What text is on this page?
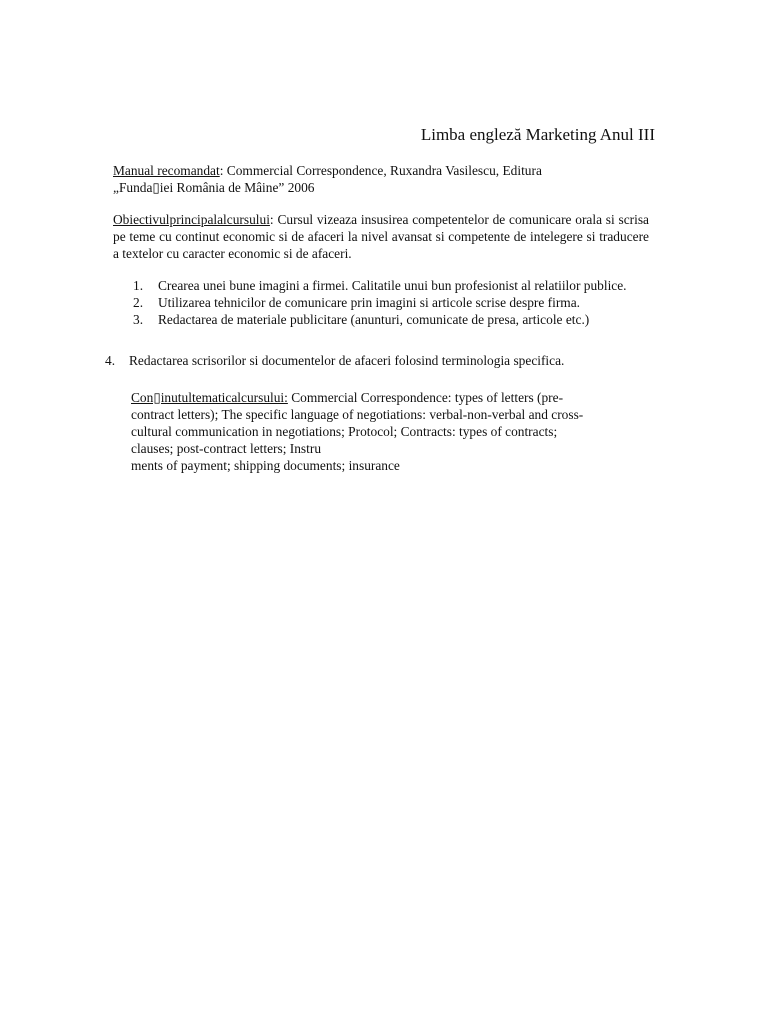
Limba engleză Marketing Anul III
Manual recomandat: Commercial Correspondence, Ruxandra Vasilescu, Editura
„Funda▯iei România de Mâine” 2006
Obiectivulprincipalalcursului: Cursul vizeaza insusirea competentelor de comunicare orala si scrisa pe teme cu continut economic si de afaceri la nivel avansat si competente de intelegere si traducere a textelor cu caracter economic si de afaceri.
1. Crearea unei bune imagini a firmei. Calitatile unui bun profesionist al relatiilor publice.
2. Utilizarea tehnicilor de comunicare prin imagini si articole scrise despre firma.
3. Redactarea de materiale publicitare (anunturi, comunicate de presa, articole etc.)
4. Redactarea scrisorilor si documentelor de afaceri folosind terminologia specifica.
Con▯inutultematicalcursului: Commercial Correspondence: types of letters (pre-
contract letters); The specific language of negotiations: verbal-non-verbal and cross-
cultural communication in negotiations; Protocol; Contracts: types of contracts;
clauses; post-contract letters; Instru
ments of payment; shipping documents; insurance
